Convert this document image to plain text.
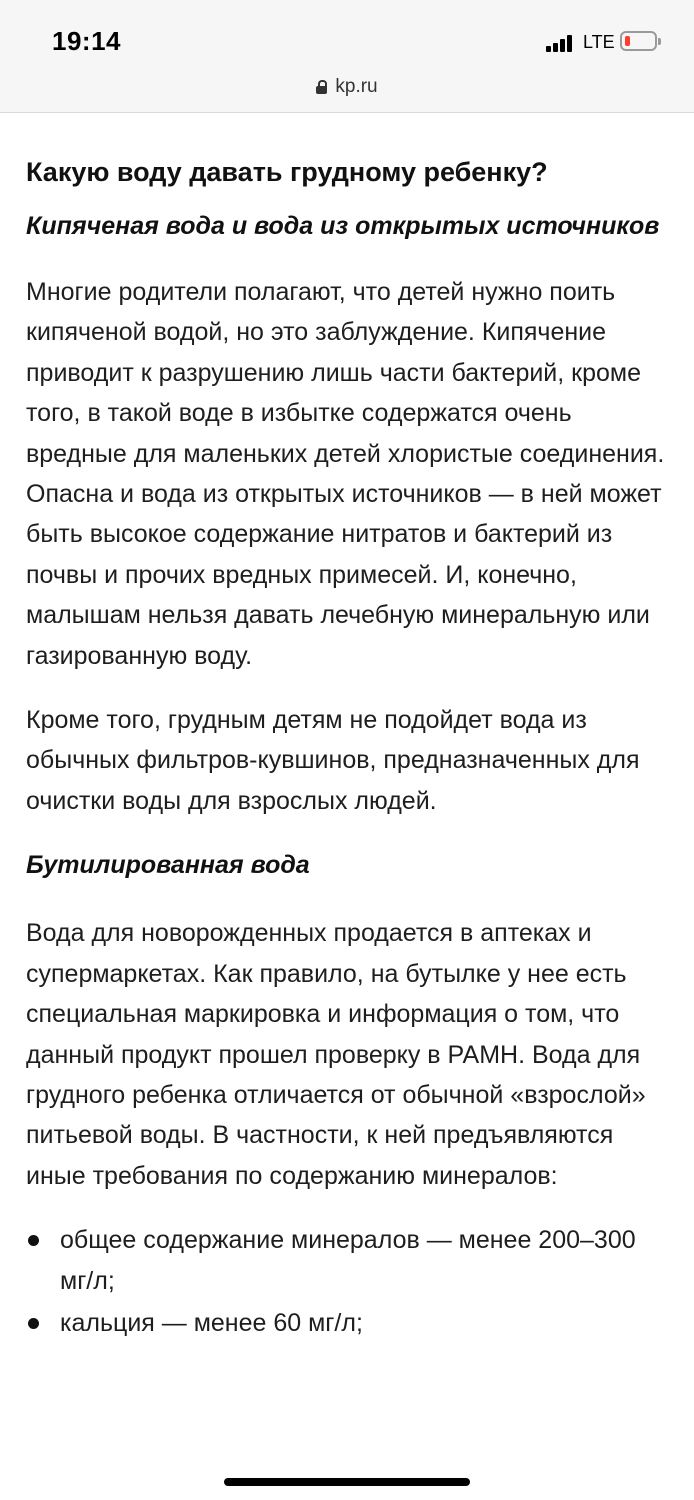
19:14	LTE
kp.ru
Какую воду давать грудному ребенку?
Кипяченая вода и вода из открытых источников
Многие родители полагают, что детей нужно поить кипяченой водой, но это заблуждение. Кипячение приводит к разрушению лишь части бактерий, кроме того, в такой воде в избытке содержатся очень вредные для маленьких детей хлористые соединения. Опасна и вода из открытых источников — в ней может быть высокое содержание нитратов и бактерий из почвы и прочих вредных примесей. И, конечно, малышам нельзя давать лечебную минеральную или газированную воду.
Кроме того, грудным детям не подойдет вода из обычных фильтров-кувшинов, предназначенных для очистки воды для взрослых людей.
Бутилированная вода
Вода для новорожденных продается в аптеках и супермаркетах. Как правило, на бутылке у нее есть специальная маркировка и информация о том, что данный продукт прошел проверку в РАМН. Вода для грудного ребенка отличается от обычной «взрослой» питьевой воды. В частности, к ней предъявляются иные требования по содержанию минералов:
общее содержание минералов — менее 200–300 мг/л;
кальция — менее 60 мг/л;
